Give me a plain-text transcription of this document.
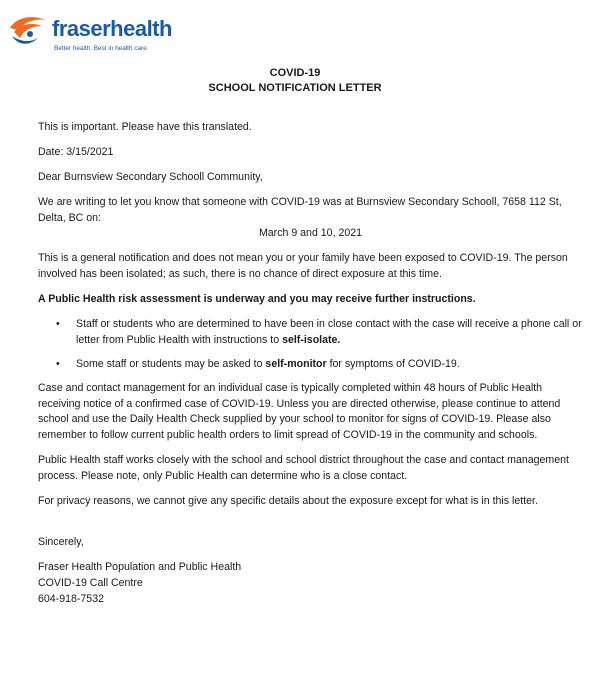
fraserhealth
Better health. Best in health care.
COVID-19
SCHOOL NOTIFICATION LETTER

This is important. Please have this translated.

Date: 3/15/2021

Dear Burnsview Secondary Schooll Community,

We are writing to let you know that someone with COVID-19 was at Burnsview Secondary Schooll, 7658 112 St, Delta, BC on:

March 9 and 10, 2021

This is a general notification and does not mean you or your family have been exposed to COVID-19. The person involved has been isolated; as such, there is no chance of direct exposure at this time.

A Public Health risk assessment is underway and you may receive further instructions.

• Staff or students who are determined to have been in close contact with the case will receive a phone call or letter from Public Health with instructions to self-isolate.
• Some staff or students may be asked to self-monitor for symptoms of COVID-19.

Case and contact management for an individual case is typically completed within 48 hours of Public Health receiving notice of a confirmed case of COVID-19. Unless you are directed otherwise, please continue to attend school and use the Daily Health Check supplied by your school to monitor for signs of COVID-19. Please also remember to follow current public health orders to limit spread of COVID-19 in the community and schools.

Public Health staff works closely with the school and school district throughout the case and contact management process. Please note, only Public Health can determine who is a close contact.

For privacy reasons, we cannot give any specific details about the exposure except for what is in this letter.

Sincerely,

Fraser Health Population and Public Health

COVID-19 Call Centre

604-918-7532
